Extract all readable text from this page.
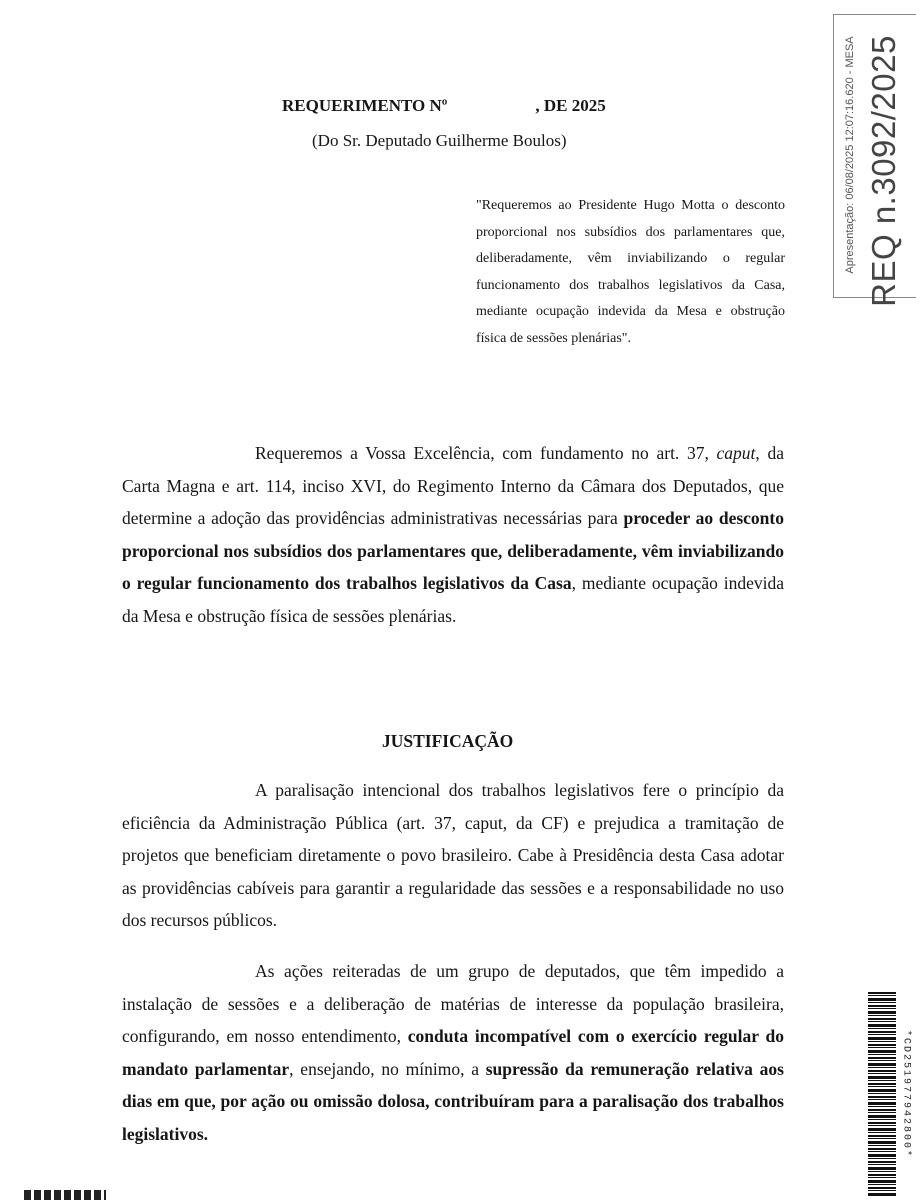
REQUERIMENTO Nº	, DE 2025
(Do Sr. Deputado Guilherme Boulos)
"Requeremos ao Presidente Hugo Motta o desconto proporcional nos subsídios dos parlamentares que, deliberadamente, vêm inviabilizando o regular funcionamento dos trabalhos legislativos da Casa, mediante ocupação indevida da Mesa e obstrução física de sessões plenárias".
Requeremos a Vossa Excelência, com fundamento no art. 37, caput, da Carta Magna e art. 114, inciso XVI, do Regimento Interno da Câmara dos Deputados, que determine a adoção das providências administrativas necessárias para proceder ao desconto proporcional nos subsídios dos parlamentares que, deliberadamente, vêm inviabilizando o regular funcionamento dos trabalhos legislativos da Casa, mediante ocupação indevida da Mesa e obstrução física de sessões plenárias.
JUSTIFICAÇÃO
A paralisação intencional dos trabalhos legislativos fere o princípio da eficiência da Administração Pública (art. 37, caput, da CF) e prejudica a tramitação de projetos que beneficiam diretamente o povo brasileiro. Cabe à Presidência desta Casa adotar as providências cabíveis para garantir a regularidade das sessões e a responsabilidade no uso dos recursos públicos.
As ações reiteradas de um grupo de deputados, que têm impedido a instalação de sessões e a deliberação de matérias de interesse da população brasileira, configurando, em nosso entendimento, conduta incompatível com o exercício regular do mandato parlamentar, ensejando, no mínimo, a supressão da remuneração relativa aos dias em que, por ação ou omissão dolosa, contribuíram para a paralisação dos trabalhos legislativos.
Apresentação: 06/08/2025 12:07:16.620 - MESA REQ n.3092/2025
*CD251977942800*
